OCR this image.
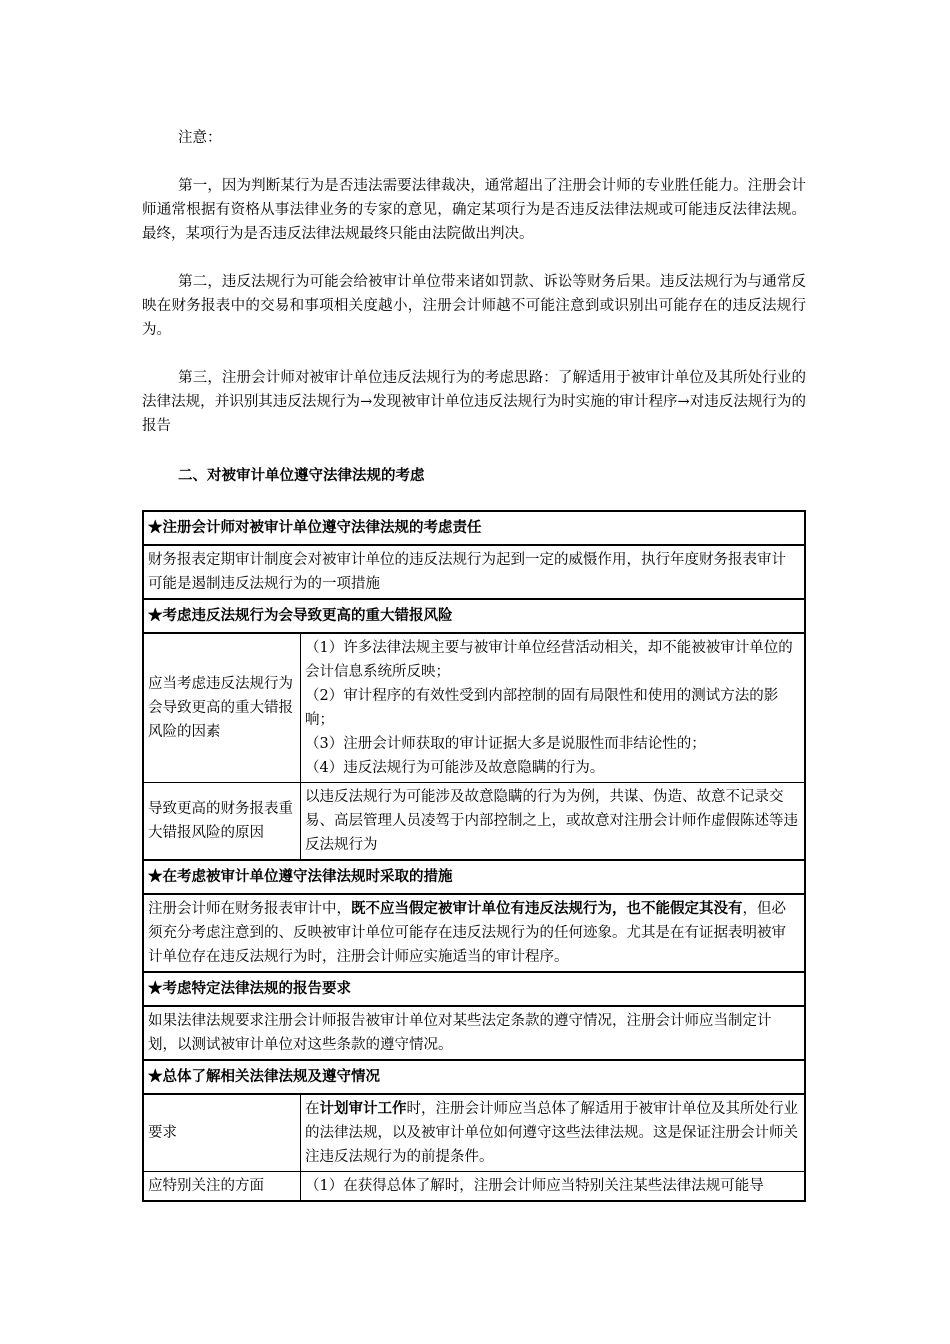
注意：

第一，因为判断某行为是否违法需要法律裁决，通常超出了注册会计师的专业胜任能力。注册会计师通常根据有资格从事法律业务的专家的意见，确定某项行为是否违反法律法规或可能违反法律法规。最终，某项行为是否违反法律法规最终只能由法院做出判决。

第二，违反法规行为可能会给被审计单位带来诸如罚款、诉讼等财务后果。违反法规行为与通常反映在财务报表中的交易和事项相关度越小，注册会计师越不可能注意到或识别出可能存在的违反法规行为。

第三，注册会计师对被审计单位违反法规行为的考虑思路：了解适用于被审计单位及其所处行业的法律法规，并识别其违反法规行为→发现被审计单位违反法规行为时实施的审计程序→对违反法规行为的报告

二、对被审计单位遵守法律法规的考虑

★注册会计师对被审计单位遵守法律法规的考虑责任	
财务报表定期审计制度会对被审计单位的违反法规行为起到一定的威慑作用，执行年度财务报表审计可能是遏制违反法规行为的一项措施	
★考虑违反法规行为会导致更高的重大错报风险	
应当考虑违反法规行为会导致更高的重大错报风险的因素	（1）许多法律法规主要与被审计单位经营活动相关，却不能被被审计单位的会计信息系统所反映；
（2）审计程序的有效性受到内部控制的固有局限性和使用的测试方法的影响；
（3）注册会计师获取的审计证据大多是说服性而非结论性的；
（4）违反法规行为可能涉及故意隐瞒的行为。

导致更高的财务报表重大错报风险的原因	以违反法规行为可能涉及故意隐瞒的行为为例，共谋、伪造、故意不记录交易、高层管理人员凌驾于内部控制之上，或故意对注册会计师作虚假陈述等违反法规行为
★在考虑被审计单位遵守法律法规时采取的措施	
注册会计师在财务报表审计中，既不应当假定被审计单位有违反法规行为，也不能假定其没有，但必须充分考虑注意到的、反映被审计单位可能存在违反法规行为的任何迹象。尤其是在有证据表明被审计单位存在违反法规行为时，注册会计师应实施适当的审计程序。	
★考虑特定法律法规的报告要求	
如果法律法规要求注册会计师报告被审计单位对某些法定条款的遵守情况，注册会计师应当制定计划，以测试被审计单位对这些条款的遵守情况。	
★总体了解相关法律法规及遵守情况	
要求	在计划审计工作时，注册会计师应当总体了解适用于被审计单位及其所处行业的法律法规，以及被审计单位如何遵守这些法律法规。这是保证注册会计师关注违反法规行为的前提条件。
应特别关注的方面	（1）在获得总体了解时，注册会计师应当特别关注某些法律法规可能导
